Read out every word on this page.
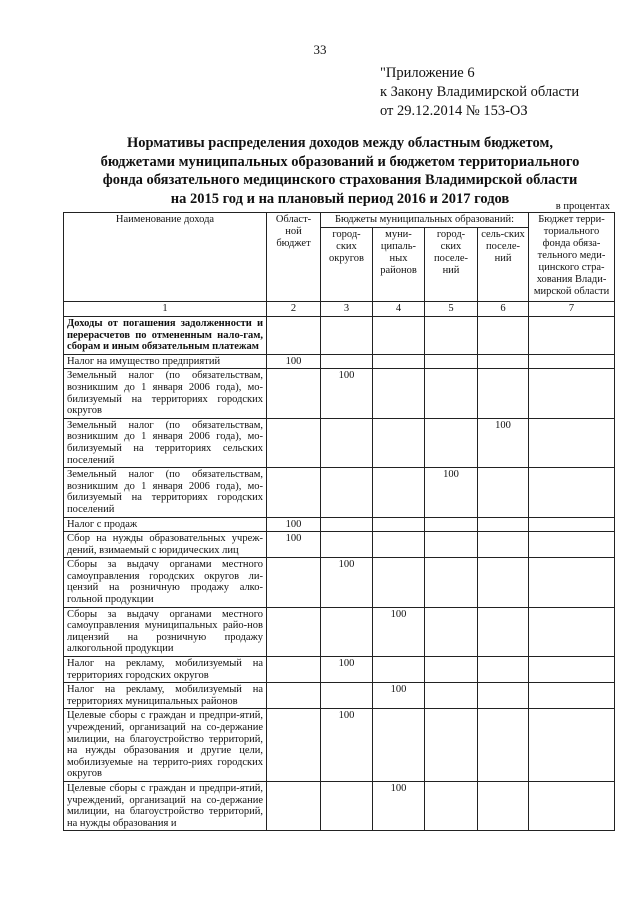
33
"Приложение 6
к Закону Владимирской области
от 29.12.2014 № 153-ОЗ
Нормативы распределения доходов между областным бюджетом,
бюджетами муниципальных образований и бюджетом территориального
фонда обязательного медицинского страхования Владимирской области
на 2015 год и на плановый период 2016 и 2017 годов	в процентах
Наименование дохода	Област-ной бюджет	Бюджеты муниципальных образований:				Бюджет терри-ториального фонда обяза-тельного меди-цинского стра-хования Влади-мирской области
		город-ских округов	муни-ципаль-ных районов	город-ских поселе-ний	сель-ских поселе-ний	
1	2	3	4	5	6	7
Доходы от погашения задолженности и перерасчетов по отмененным нало-гам, сборам и иным обязательным платежам						
Налог на имущество предприятий	100					
Земельный налог (по обязательствам, возникшим до 1 января 2006 года), мо-билизуемый на территориях городских округов		100				
Земельный налог (по обязательствам, возникшим до 1 января 2006 года), мо-билизуемый на территориях сельских поселений					100	
Земельный налог (по обязательствам, возникшим до 1 января 2006 года), мо-билизуемый на территориях городских поселений				100		
Налог с продаж	100					
Сбор на нужды образовательных учреж-дений, взимаемый с юридических лиц	100					
Сборы за выдачу органами местного самоуправления городских округов ли-цензий на розничную продажу алко-гольной продукции		100				
Сборы за выдачу органами местного самоуправления муниципальных райо-нов лицензий на розничную продажу алкогольной продукции			100			
Налог на рекламу, мобилизуемый на территориях городских округов		100				
Налог на рекламу, мобилизуемый на территориях муниципальных районов			100			
Целевые сборы с граждан и предпри-ятий, учреждений, организаций на со-держание милиции, на благоустройство территорий, на нужды образования и другие цели, мобилизуемые на террито-риях городских округов		100				
Целевые сборы с граждан и предпри-ятий, учреждений, организаций на со-держание милиции, на благоустройство территорий, на нужды образования и			100			
